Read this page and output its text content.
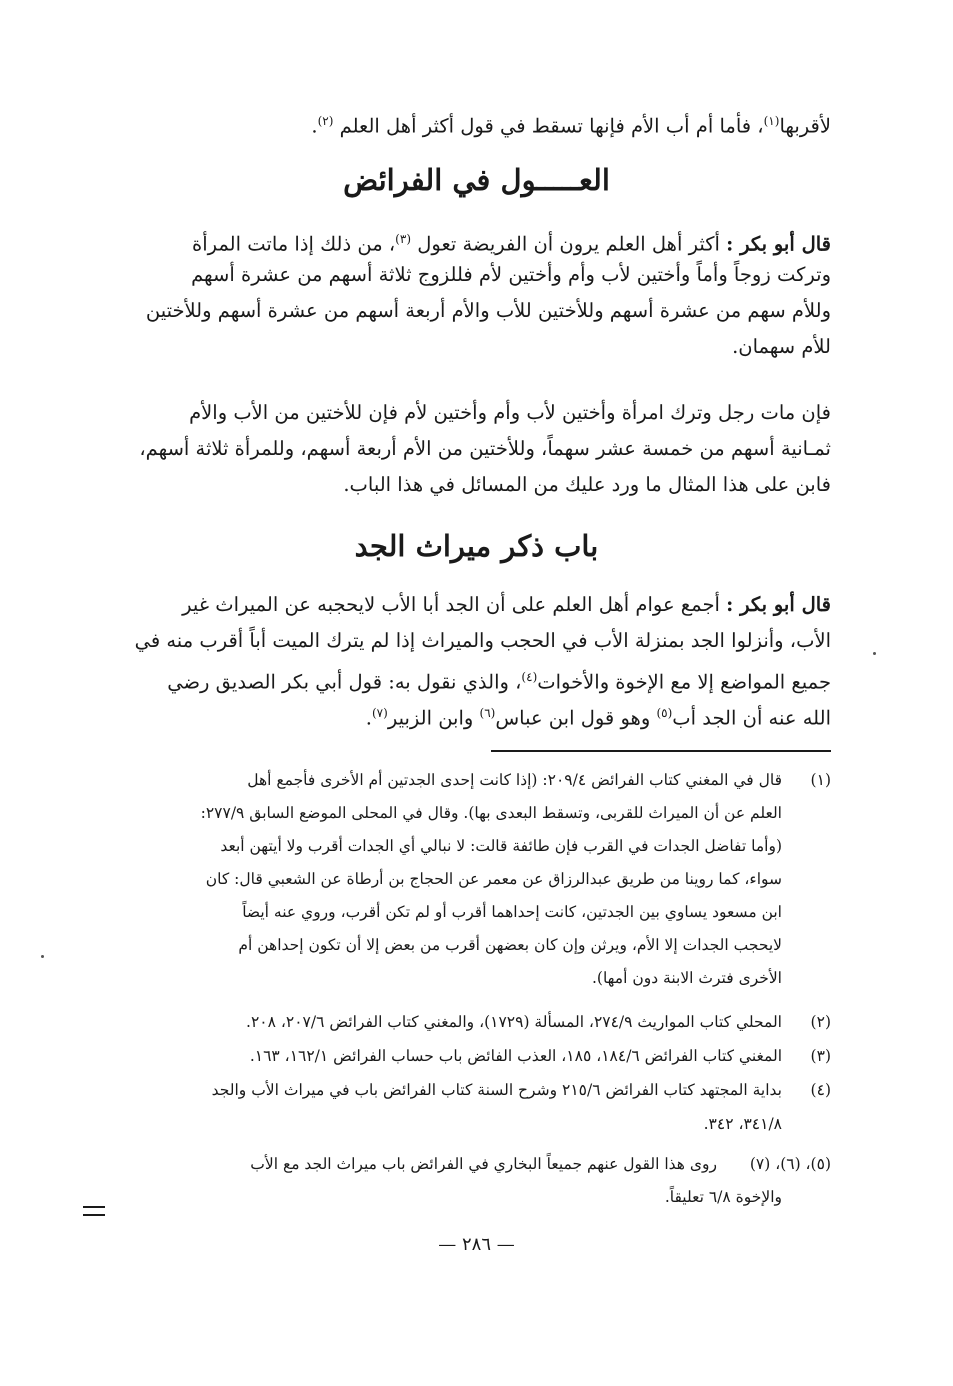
لأقربها$^{(١)}$، فأما أم أب الأم فإنها تسقط في قول أكثر أهل العلم $^{(٢)}$.
العـــــول في الفرائض
قال أبو بكر : أكثر أهل العلم يرون أن الفريضة تعول $^{(٣)}$، من ذلك إذا ماتت المرأة
وتركت زوجاً وأماً وأختين لأب وأم وأختين لأم فللزوج ثلاثة أسهم من عشرة أسهم
وللأم سهم من عشرة أسهم وللأختين للأب والأم أربعة أسهم من عشرة أسهم وللأختين
للأم سهمان.
فإن مات رجل وترك امرأة وأختين لأب وأم وأختين لأم فإن للأختين من الأب والأم
ثمـانية أسهم من خمسة عشر سهماً، وللأختين من الأم أربعة أسهم، وللمرأة ثلاثة أسهم،
فابن على هذا المثال ما ورد عليك من المسائل في هذا الباب.
باب ذكر ميراث الجد
قال أبو بكر : أجمع عوام أهل العلم على أن الجد أبا الأب لايحجبه عن الميراث غير
الأب، وأنزلوا الجد بمنزلة الأب في الحجب والميراث إذا لم يترك الميت أباً أقرب منه في
جميع المواضع إلا مع الإخوة والأخوات$^{(٤)}$، والذي نقول به: قول أبي بكر الصديق رضي
الله عنه أن الجد أب$^{(٥)}$ وهو قول ابن عباس$^{(٦)}$ وابن الزبير$^{(٧)}$.
(١)
قال في المغني كتاب الفرائض ٢٠٩/٤: (إذا كانت إحدى الجدتين أم الأخرى فأجمع أهل
العلم عن أن الميراث للقربى، وتسقط البعدى بها). وقال في المحلى الموضع السابق ٢٧٧/٩:
(وأما تفاضل الجدات في القرب فإن طائفة قالت: لا نبالي أي الجدات أقرب ولا أيتهن أبعد
سواء، كما روينا من طريق عبدالرزاق عن معمر عن الحجاج بن أرطاة عن الشعبي قال: كان
ابن مسعود يساوي بين الجدتين، كانت إحداهما أقرب أو لم تكن أقرب، وروي عنه أيضاً
لايحجب الجدات إلا الأم، ويرثن وإن كان بعضهن أقرب من بعض إلا أن تكون إحداهن أم
الأخرى فترث الابنة دون أمها).
(٢)
المحلي كتاب المواريث ٢٧٤/٩، المسألة (١٧٢٩)، والمغني كتاب الفرائض ٢٠٧/٦، ٢٠٨.
(٣)
المغني كتاب الفرائض ١٨٤/٦، ١٨٥، العذب الفائض باب حساب الفرائض ١٦٢/١، ١٦٣.
(٤)
بداية المجتهد كتاب الفرائض ٢١٥/٦ وشرح السنة كتاب الفرائض باب في ميراث الأب والجد
٣٤١/٨، ٣٤٢.
(٥)، (٦)، (٧)
روى هذا القول عنهم جميعاً البخاري في الفرائض باب ميراث الجد مع الأب
والإخوة ٦/٨ تعليقاً.
— ٢٨٦ —
